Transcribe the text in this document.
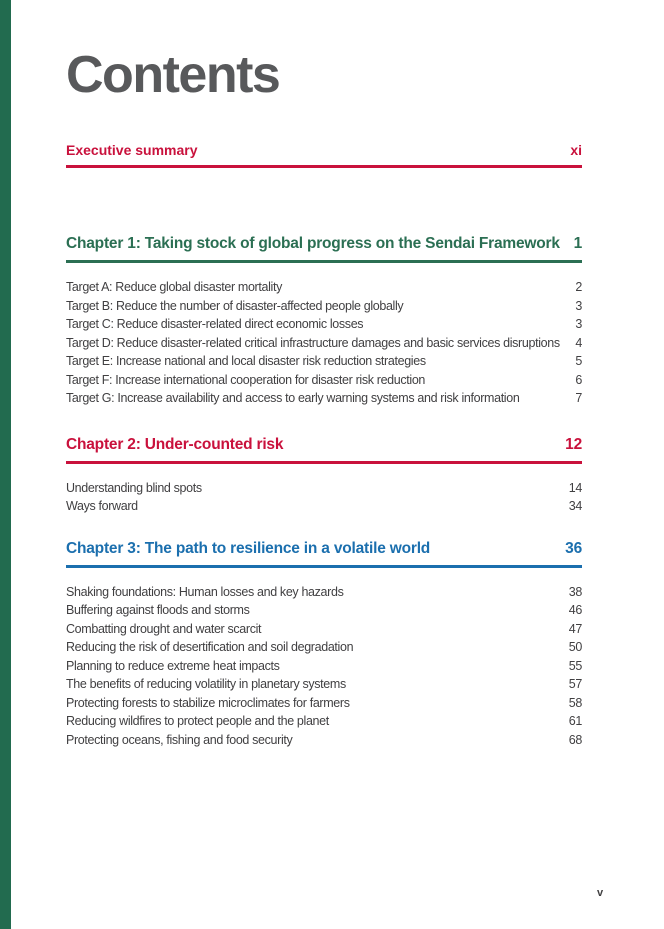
Contents
Executive summary	xi
Chapter 1: Taking stock of global progress on the Sendai Framework 1
Target A: Reduce global disaster mortality	2
Target B: Reduce the number of disaster-affected people globally	3
Target C: Reduce disaster-related direct economic losses	3
Target D: Reduce disaster-related critical infrastructure damages and basic services disruptions	4
Target E: Increase national and local disaster risk reduction strategies	5
Target F: Increase international cooperation for disaster risk reduction	6
Target G: Increase availability and access to early warning systems and risk information	7
Chapter 2: Under-counted risk	12
Understanding blind spots	14
Ways forward	34
Chapter 3: The path to resilience in a volatile world	36
Shaking foundations: Human losses and key hazards	38
Buffering against floods and storms	46
Combatting drought and water scarcit	47
Reducing the risk of desertification and soil degradation	50
Planning to reduce extreme heat impacts	55
The benefits of reducing volatility in planetary systems	57
Protecting forests to stabilize microclimates for farmers	58
Reducing wildfires to protect people and the planet	61
Protecting oceans, fishing and food security	68
v
